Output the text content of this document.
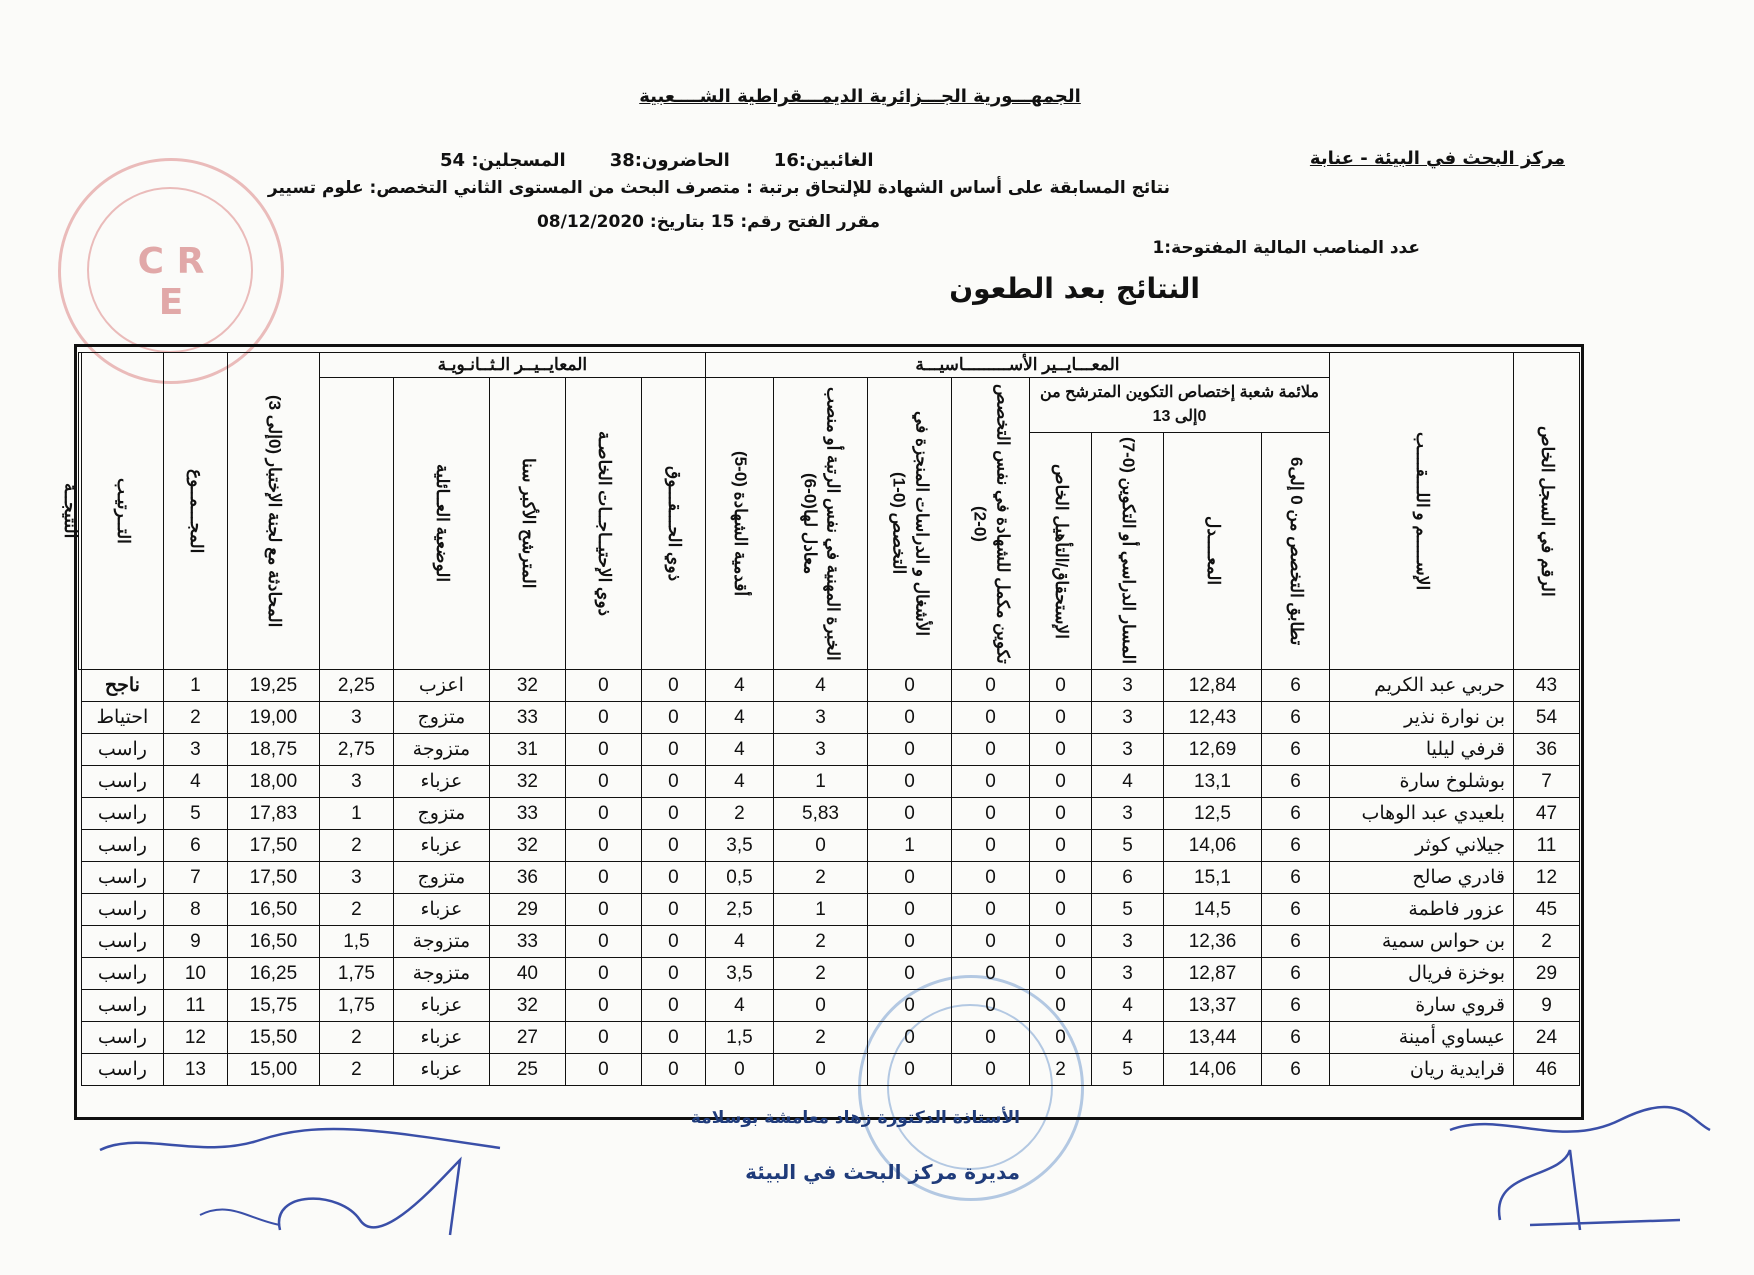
C R E
الجمهـــورية الجـــزائرية الديمـــقراطية الشــــعبية
مركز البحث في البيئة - عنابة
المسجلين: 54 الحاضرون:38 الغائبين:16
نتائج المسابقة على أساس الشهادة للإلتحاق برتبة : متصرف البحث من المستوى الثاني التخصص: علوم تسيير
مقرر الفتح رقم: 15 بتاريخ: 08/12/2020
عدد المناصب المالية المفتوحة:1
النتائج بعد الطعون
الرقم في السجل الخاص	الإســـــم و اللـــقــــب	المعـــايــير الأســـــــــاسيـــة								المعايــيــر الـثــانـويـة					المحادثة مع لجنة الإختبار (0إلى 3)	المجـــمــوع	التــرتيـب	النتيجــة

		ملائمة شعبة إختصاص التكوين المترشح من 0إلى 13				تكوين مكمل للشهادة في نفس التخصص (0-2)	الأشغال و الدراسات المنجزة في التخصص (0-1)	الخبرة المهنية في نفس الرتبة أو منصب معادل لها(0-6)	أقدمية الشهادة (0-5)	ذوي الحـــقـــوق	ذوي الإحتيــاجــات الخاصـة	المترشح الأكبر سنا	الوضعية العــائلية					

		تطابق التخصص من 0 إلى6	المعــــدل	المسار الدراسي أو التكوين (0-7)	الإستحقاق/التأهيل الخاص													

43	حربي عبد الكريم	6	12,84	3	0	0	0	4	4	0	0	32	اعزب	2,25	19,25	1	ناجح	
54	بن نوارة نذير	6	12,43	3	0	0	0	3	4	0	0	33	متزوج	3	19,00	2	احتياط	
36	قرفي ليليا	6	12,69	3	0	0	0	3	4	0	0	31	متزوجة	2,75	18,75	3	راسب	
7	بوشلوخ سارة	6	13,1	4	0	0	0	1	4	0	0	32	عزباء	3	18,00	4	راسب	
47	بلعيدي عبد الوهاب	6	12,5	3	0	0	0	5,83	2	0	0	33	متزوج	1	17,83	5	راسب	
11	جيلاني كوثر	6	14,06	5	0	0	1	0	3,5	0	0	32	عزباء	2	17,50	6	راسب	
12	قادري صالح	6	15,1	6	0	0	0	2	0,5	0	0	36	متزوج	3	17,50	7	راسب	
45	عزور فاطمة	6	14,5	5	0	0	0	1	2,5	0	0	29	عزباء	2	16,50	8	راسب	
2	بن حواس سمية	6	12,36	3	0	0	0	2	4	0	0	33	متزوجة	1,5	16,50	9	راسب	
29	بوخزة فريال	6	12,87	3	0	0	0	2	3,5	0	0	40	متزوجة	1,75	16,25	10	راسب	
9	قروي سارة	6	13,37	4	0	0	0	0	4	0	0	32	عزباء	1,75	15,75	11	راسب	
24	عيساوي أمينة	6	13,44	4	0	0	0	2	1,5	0	0	27	عزباء	2	15,50	12	راسب	
46	قرايدية ريان	6	14,06	5	2	0	0	0	0	0	0	25	عزباء	2	15,00	13	راسب	
الأستاذة الدكتورة زهاد معامشة بوسلامة
مديرة مركز البحث في البيئة
